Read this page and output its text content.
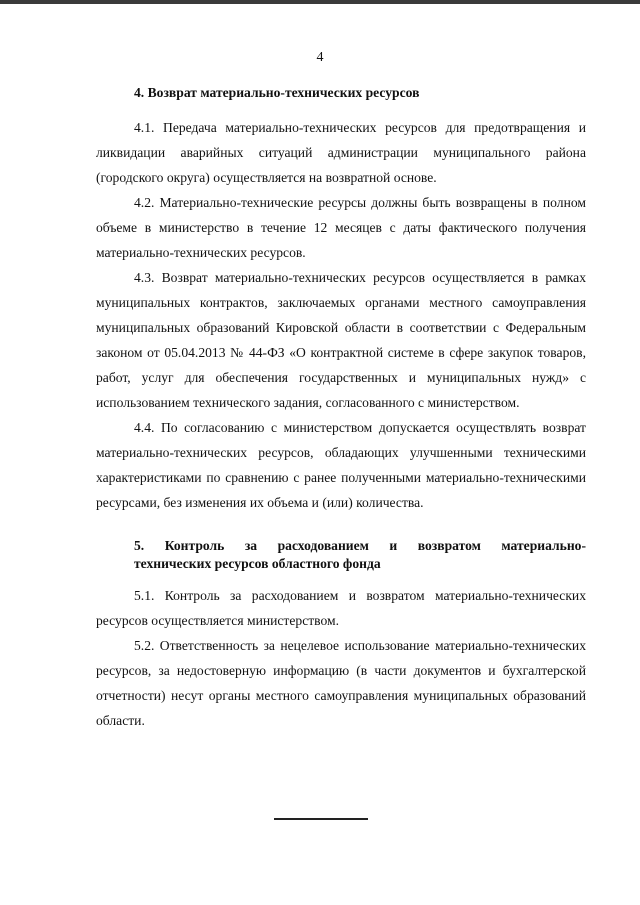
4

4. Возврат материально-технических ресурсов

4.1. Передача материально-технических ресурсов для предотвращения и ликвидации аварийных ситуаций администрации муниципального района (городского округа) осуществляется на возвратной основе.

4.2. Материально-технические ресурсы должны быть возвращены в полном объеме в министерство в течение 12 месяцев с даты фактического получения материально-технических ресурсов.

4.3. Возврат материально-технических ресурсов осуществляется в рамках муниципальных контрактов, заключаемых органами местного самоуправления муниципальных образований Кировской области в соответствии с Федеральным законом от 05.04.2013 № 44-ФЗ «О контрактной системе в сфере закупок товаров, работ, услуг для обеспечения государственных и муниципальных нужд» с использованием технического задания, согласованного с министерством.

4.4. По согласованию с министерством допускается осуществлять возврат материально-технических ресурсов, обладающих улучшенными техническими характеристиками по сравнению с ранее полученными материально-техническими ресурсами, без изменения их объема и (или) количества.

5. Контроль за расходованием и возвратом материально-
технических ресурсов областного фонда

5.1. Контроль за расходованием и возвратом материально-технических ресурсов осуществляется министерством.

5.2. Ответственность за нецелевое использование материально-технических ресурсов, за недостоверную информацию (в части документов и бухгалтерской отчетности) несут органы местного самоуправления муниципальных образований области.
